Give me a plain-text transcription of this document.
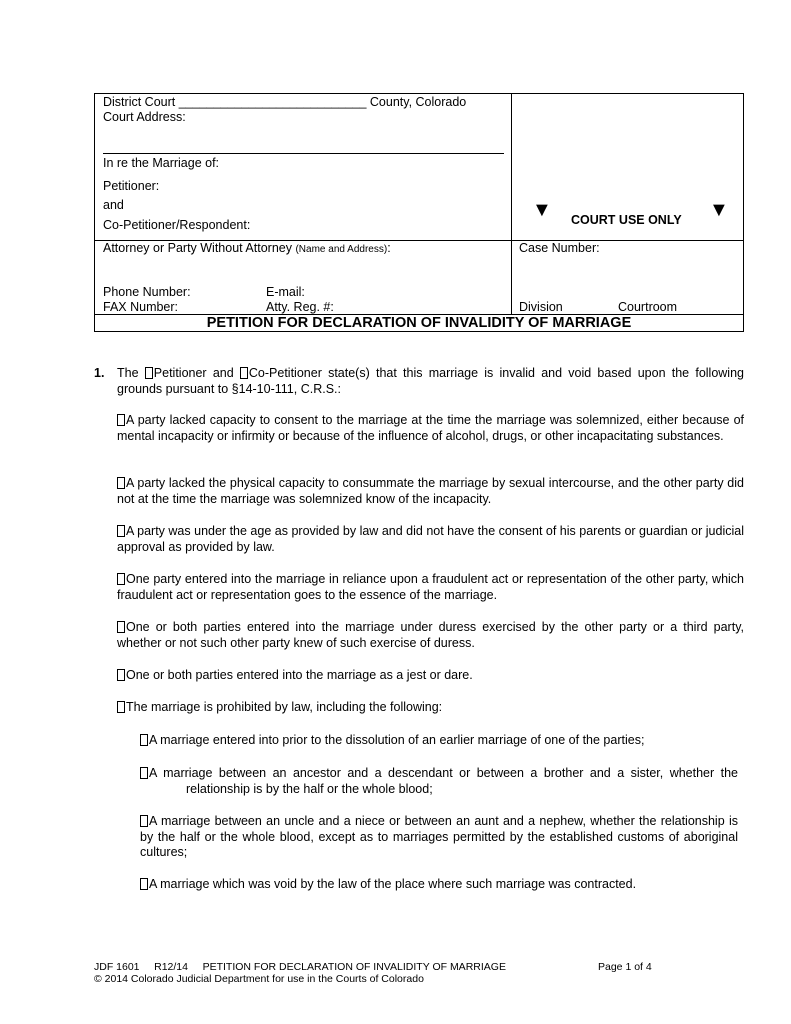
District Court ___________________________ County, Colorado
Court Address:
In re the Marriage of:
Petitioner:
and
Co-Petitioner/Respondent:
▼ COURT USE ONLY ▼
Attorney or Party Without Attorney (Name and Address):
Phone Number:	E-mail:
FAX Number:	Atty. Reg. #:
Case Number:
Division	Courtroom
PETITION FOR DECLARATION OF INVALIDITY OF MARRIAGE
1. The Petitioner and Co-Petitioner state(s) that this marriage is invalid and void based upon the following grounds pursuant to §14-10-111, C.R.S.:
A party lacked capacity to consent to the marriage at the time the marriage was solemnized, either because of mental incapacity or infirmity or because of the influence of alcohol, drugs, or other incapacitating substances.
A party lacked the physical capacity to consummate the marriage by sexual intercourse, and the other party did not at the time the marriage was solemnized know of the incapacity.
A party was under the age as provided by law and did not have the consent of his parents or guardian or judicial approval as provided by law.
One party entered into the marriage in reliance upon a fraudulent act or representation of the other party, which fraudulent act or representation goes to the essence of the marriage.
One or both parties entered into the marriage under duress exercised by the other party or a third party, whether or not such other party knew of such exercise of duress.
One or both parties entered into the marriage as a jest or dare.
The marriage is prohibited by law, including the following:
A marriage entered into prior to the dissolution of an earlier marriage of one of the parties;
A marriage between an ancestor and a descendant or between a brother and a sister, whether the
relationship is by the half or the whole blood;
A marriage between an uncle and a niece or between an aunt and a nephew, whether the relationship is by the half or the whole blood, except as to marriages permitted by the established customs of aboriginal cultures;
A marriage which was void by the law of the place where such marriage was contracted.
JDF 1601 R12/14 PETITION FOR DECLARATION OF INVALIDITY OF MARRIAGE	Page 1 of 4
© 2014 Colorado Judicial Department for use in the Courts of Colorado
